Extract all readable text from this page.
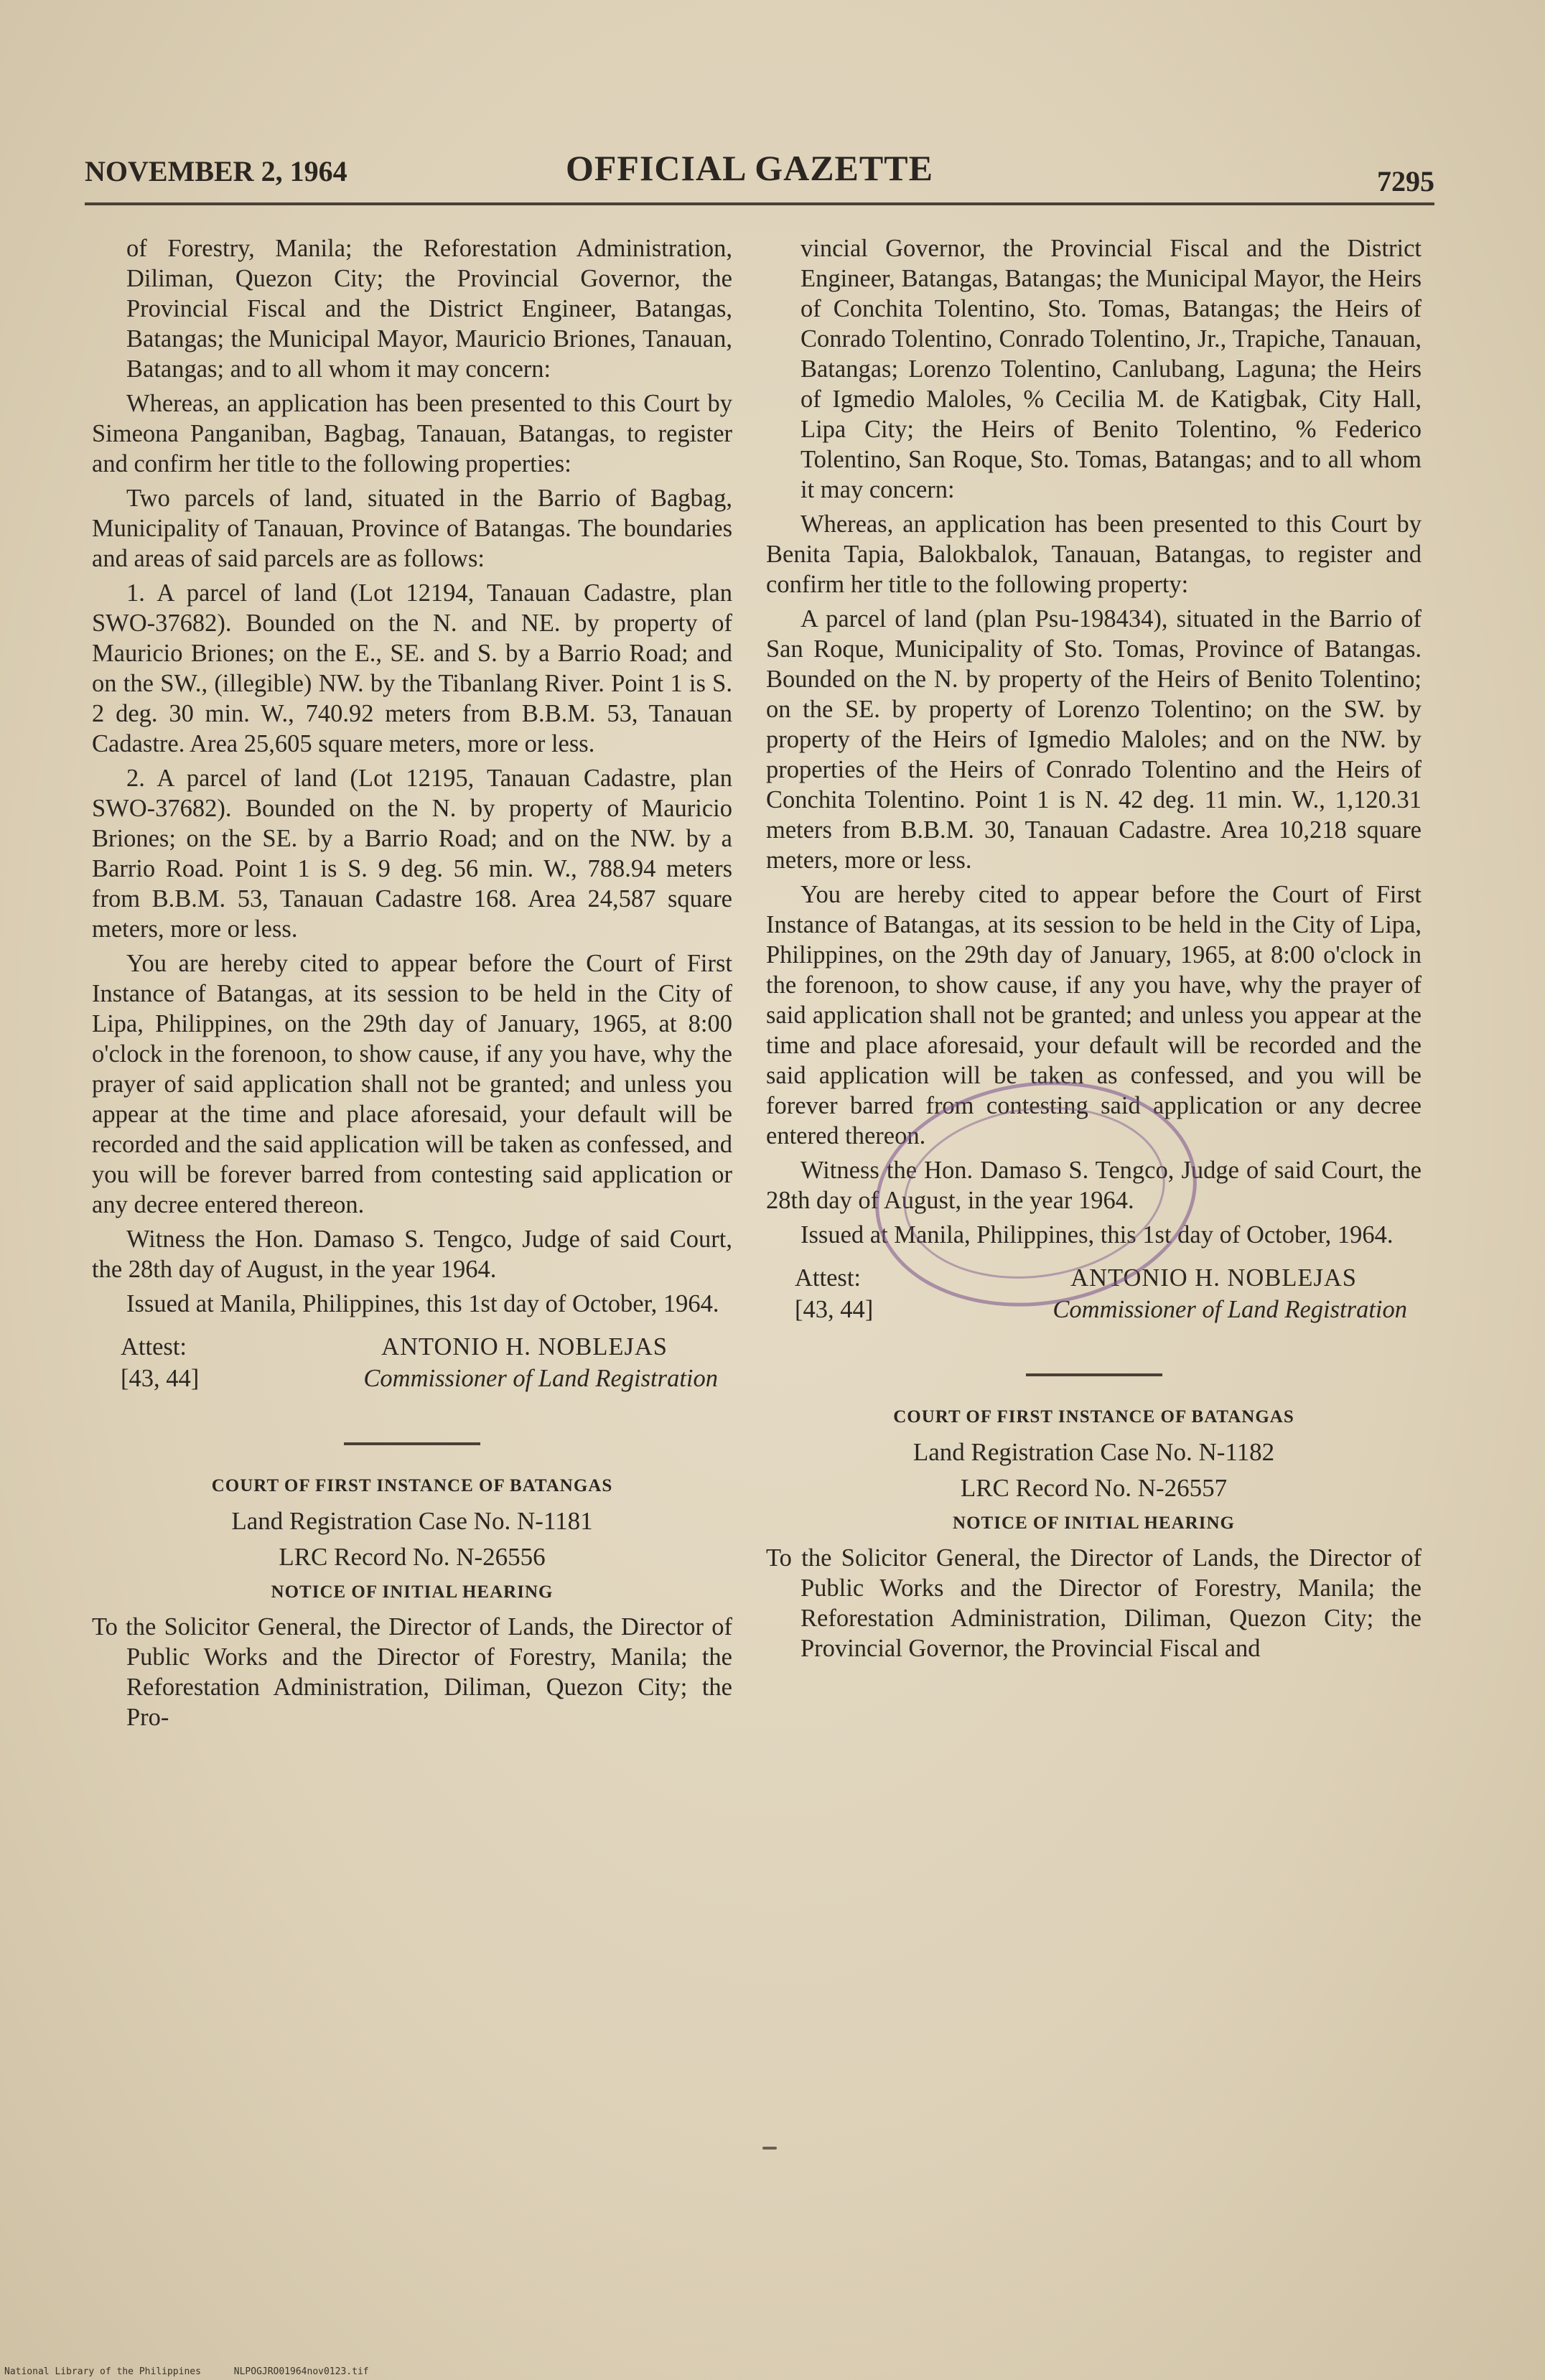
NOVEMBER 2, 1964	OFFICIAL GAZETTE	7295

of Forestry, Manila; the Reforestation Administration, Diliman, Quezon City; the Provincial Governor, the Provincial Fiscal and the District Engineer, Batangas, Batangas; the Municipal Mayor, Mauricio Briones, Tanauan, Batangas; and to all whom it may concern:

Whereas, an application has been presented to this Court by Simeona Panganiban, Bagbag, Tanauan, Batangas, to register and confirm her title to the following properties:

Two parcels of land, situated in the Barrio of Bagbag, Municipality of Tanauan, Province of Batangas. The boundaries and areas of said parcels are as follows:

1. A parcel of land (Lot 12194, Tanauan Cadastre, plan SWO-37682). Bounded on the N. and NE. by property of Mauricio Briones; on the E., SE. and S. by a Barrio Road; and on the SW., (illegible) NW. by the Tibanlang River. Point 1 is S. 2 deg. 30 min. W., 740.92 meters from B.B.M. 53, Tanauan Cadastre. Area 25,605 square meters, more or less.

2. A parcel of land (Lot 12195, Tanauan Cadastre, plan SWO-37682). Bounded on the N. by property of Mauricio Briones; on the SE. by a Barrio Road; and on the NW. by a Barrio Road. Point 1 is S. 9 deg. 56 min. W., 788.94 meters from B.B.M. 53, Tanauan Cadastre 168. Area 24,587 square meters, more or less.

You are hereby cited to appear before the Court of First Instance of Batangas, at its session to be held in the City of Lipa, Philippines, on the 29th day of January, 1965, at 8:00 o'clock in the forenoon, to show cause, if any you have, why the prayer of said application shall not be granted; and unless you appear at the time and place aforesaid, your default will be recorded and the said application will be taken as confessed, and you will be forever barred from contesting said application or any decree entered thereon.

Witness the Hon. Damaso S. Tengco, Judge of said Court, the 28th day of August, in the year 1964.

Issued at Manila, Philippines, this 1st day of October, 1964.

Attest:	ANTONIO H. NOBLEJAS
[43, 44]	Commissioner of Land Registration

COURT OF FIRST INSTANCE OF BATANGAS

Land Registration Case No. N-1181

LRC Record No. N-26556

NOTICE OF INITIAL HEARING

To the Solicitor General, the Director of Lands, the Director of Public Works and the Director of Forestry, Manila; the Reforestation Administration, Diliman, Quezon City; the Pro-

vincial Governor, the Provincial Fiscal and the District Engineer, Batangas, Batangas; the Municipal Mayor, the Heirs of Conchita Tolentino, Sto. Tomas, Batangas; the Heirs of Conrado Tolentino, Conrado Tolentino, Jr., Trapiche, Tanauan, Batangas; Lorenzo Tolentino, Canlubang, Laguna; the Heirs of Igmedio Maloles, % Cecilia M. de Katigbak, City Hall, Lipa City; the Heirs of Benito Tolentino, % Federico Tolentino, San Roque, Sto. Tomas, Batangas; and to all whom it may concern:

Whereas, an application has been presented to this Court by Benita Tapia, Balokbalok, Tanauan, Batangas, to register and confirm her title to the following property:

A parcel of land (plan Psu-198434), situated in the Barrio of San Roque, Municipality of Sto. Tomas, Province of Batangas. Bounded on the N. by property of the Heirs of Benito Tolentino; on the SE. by property of Lorenzo Tolentino; on the SW. by property of the Heirs of Igmedio Maloles; and on the NW. by properties of the Heirs of Conrado Tolentino and the Heirs of Conchita Tolentino. Point 1 is N. 42 deg. 11 min. W., 1,120.31 meters from B.B.M. 30, Tanauan Cadastre. Area 10,218 square meters, more or less.

You are hereby cited to appear before the Court of First Instance of Batangas, at its session to be held in the City of Lipa, Philippines, on the 29th day of January, 1965, at 8:00 o'clock in the forenoon, to show cause, if any you have, why the prayer of said application shall not be granted; and unless you appear at the time and place aforesaid, your default will be recorded and the said application will be taken as confessed, and you will be forever barred from contesting said application or any decree entered thereon.

Witness the Hon. Damaso S. Tengco, Judge of said Court, the 28th day of August, in the year 1964.

Issued at Manila, Philippines, this 1st day of October, 1964.

Attest:	ANTONIO H. NOBLEJAS
[43, 44]	Commissioner of Land Registration

COURT OF FIRST INSTANCE OF BATANGAS

Land Registration Case No. N-1182

LRC Record No. N-26557

NOTICE OF INITIAL HEARING

To the Solicitor General, the Director of Lands, the Director of Public Works and the Director of Forestry, Manila; the Reforestation Administration, Diliman, Quezon City; the Provincial Governor, the Provincial Fiscal and

National Library of the Philippines	NLPOGJRO01964nov0123.tif
